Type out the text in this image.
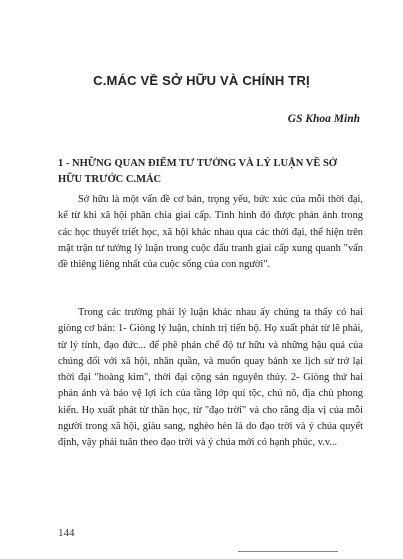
C.MÁC VỀ SỞ HỮU VÀ CHÍNH TRỊ
GS Khoa Minh
1 - NHỮNG QUAN ĐIỂM TƯ TƯỞNG VÀ LÝ LUẬN VỀ SỞ HỮU TRƯỚC C.MÁC
Sở hữu là một vấn đề cơ bản, trọng yếu, bức xúc của mỗi thời đại, kể từ khi xã hội phân chia giai cấp. Tình hình đó được phản ánh trong các học thuyết triết học, xã hội khác nhau qua các thời đại, thể hiện trên mặt trận tư tưởng lý luận trong cuộc đấu tranh giai cấp xung quanh "vấn đề thiêng liêng nhất của cuộc sống của con người".
Trong các trường phái lý luận khác nhau ấy chúng ta thấy có hai giòng cơ bản: 1- Giòng lý luận, chính trị tiến bộ. Họ xuất phát từ lẽ phải, từ lý tính, đạo đức... để phê phán chế độ tư hữu và những hậu quả của chúng đối với xã hội, nhân quần, và muốn quay bánh xe lịch sử trở lại thời đại "hoàng kim", thời đại cộng sản nguyên thủy. 2- Giòng thứ hai phản ánh và bảo vệ lợi ích của tầng lớp quí tộc, chủ nô, địa chủ phong kiến. Họ xuất phát từ thần học, từ "đạo trời" và cho rằng địa vị của mỗi người trong xã hội, giàu sang, nghèo hèn là do đạo trời và ý chúa quyết định, vậy phải tuân theo đạo trời và ý chúa mới có hạnh phúc, v.v...
144
